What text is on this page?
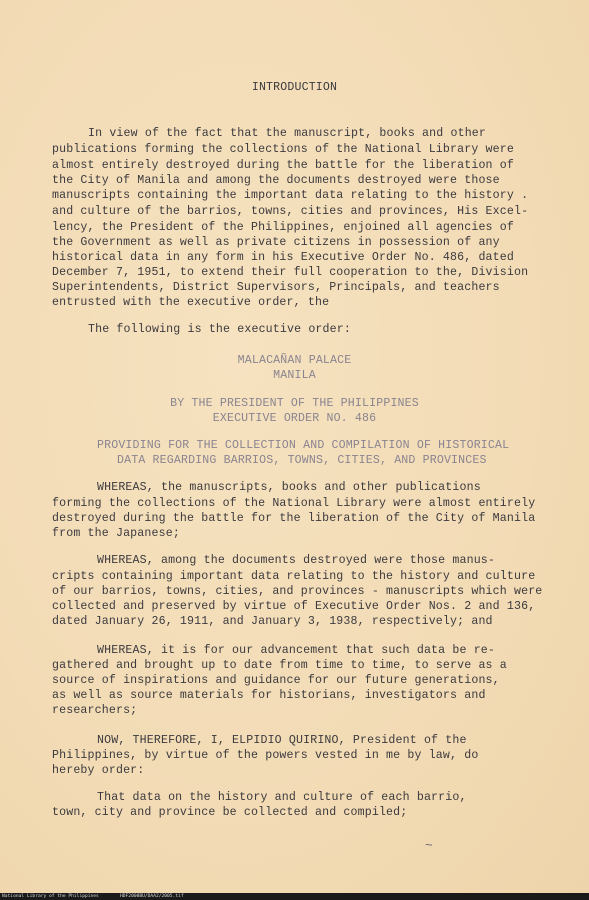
INTRODUCTION
In view of the fact that the manuscript, books and other
publications forming the collections of the National Library were
almost entirely destroyed during the battle for the liberation of
the City of Manila and among the documents destroyed were those
manuscripts containing the important data relating to the history .
and culture of the barrios, towns, cities and provinces, His Excel-
lency, the President of the Philippines, enjoined all agencies of
the Government as well as private citizens in possession of any
historical data in any form in his Executive Order No. 486, dated
December 7, 1951, to extend their full cooperation to the, Division
Superintendents, District Supervisors, Principals, and teachers
entrusted with the executive order, the
The following is the executive order:
MALACAÑAN PALACE
MANILA
BY THE PRESIDENT OF THE PHILIPPINES
EXECUTIVE ORDER NO. 486
PROVIDING FOR THE COLLECTION AND COMPILATION OF HISTORICAL
DATA REGARDING BARRIOS, TOWNS, CITIES, AND PROVINCES
WHEREAS, the manuscripts, books and other publications
forming the collections of the National Library were almost entirely
destroyed during the battle for the liberation of the City of Manila
from the Japanese;
WHEREAS, among the documents destroyed were those manus-
cripts containing important data relating to the history and culture
of our barrios, towns, cities, and provinces - manuscripts which were
collected and preserved by virtue of Executive Order Nos. 2 and 136,
dated January 26, 1911, and January 3, 1938, respectively; and
WHEREAS, it is for our advancement that such data be re-
gathered and brought up to date from time to time, to serve as a
source of inspirations and guidance for our future generations,
as well as source materials for historians, investigators and
researchers;
NOW, THEREFORE, I, ELPIDIO QUIRINO, President of the
Philippines, by virtue of the powers vested in me by law, do
hereby order:
That data on the history and culture of each barrio,
town, city and province be collected and compiled;
~
National Library of the Philippines	HDF2008BU/DAA2/2005.tif
